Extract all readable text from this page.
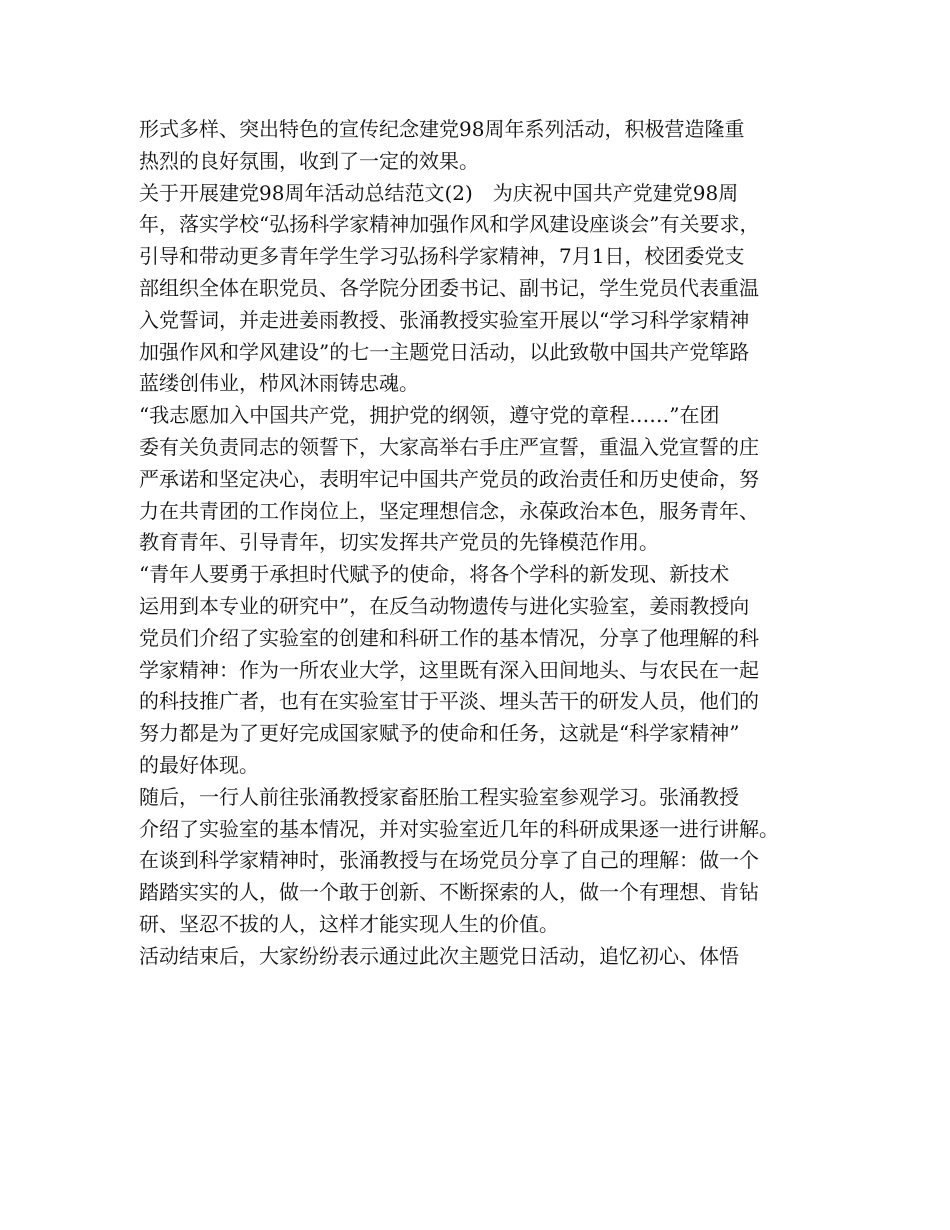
形式多样、突出特色的宣传纪念建党98周年系列活动，积极营造隆重
热烈的良好氛围，收到了一定的效果。
关于开展建党98周年活动总结范文(2)　为庆祝中国共产党建党98周
年，落实学校“弘扬科学家精神加强作风和学风建设座谈会”有关要求，
引导和带动更多青年学生学习弘扬科学家精神，7月1日，校团委党支
部组织全体在职党员、各学院分团委书记、副书记，学生党员代表重温
入党誓词，并走进姜雨教授、张涌教授实验室开展以“学习科学家精神
加强作风和学风建设”的七一主题党日活动，以此致敬中国共产党筚路
蓝缕创伟业，栉风沐雨铸忠魂。
“我志愿加入中国共产党，拥护党的纲领，遵守党的章程……”在团
委有关负责同志的领誓下，大家高举右手庄严宣誓，重温入党宣誓的庄
严承诺和坚定决心，表明牢记中国共产党员的政治责任和历史使命，努
力在共青团的工作岗位上，坚定理想信念，永葆政治本色，服务青年、
教育青年、引导青年，切实发挥共产党员的先锋模范作用。
“青年人要勇于承担时代赋予的使命，将各个学科的新发现、新技术
运用到本专业的研究中”，在反刍动物遗传与进化实验室，姜雨教授向
党员们介绍了实验室的创建和科研工作的基本情况，分享了他理解的科
学家精神：作为一所农业大学，这里既有深入田间地头、与农民在一起
的科技推广者，也有在实验室甘于平淡、埋头苦干的研发人员，他们的
努力都是为了更好完成国家赋予的使命和任务，这就是“科学家精神”
的最好体现。
随后，一行人前往张涌教授家畜胚胎工程实验室参观学习。张涌教授
介绍了实验室的基本情况，并对实验室近几年的科研成果逐一进行讲解。
在谈到科学家精神时，张涌教授与在场党员分享了自己的理解：做一个
踏踏实实的人，做一个敢于创新、不断探索的人，做一个有理想、肯钻
研、坚忍不拔的人，这样才能实现人生的价值。
活动结束后，大家纷纷表示通过此次主题党日活动，追忆初心、体悟
